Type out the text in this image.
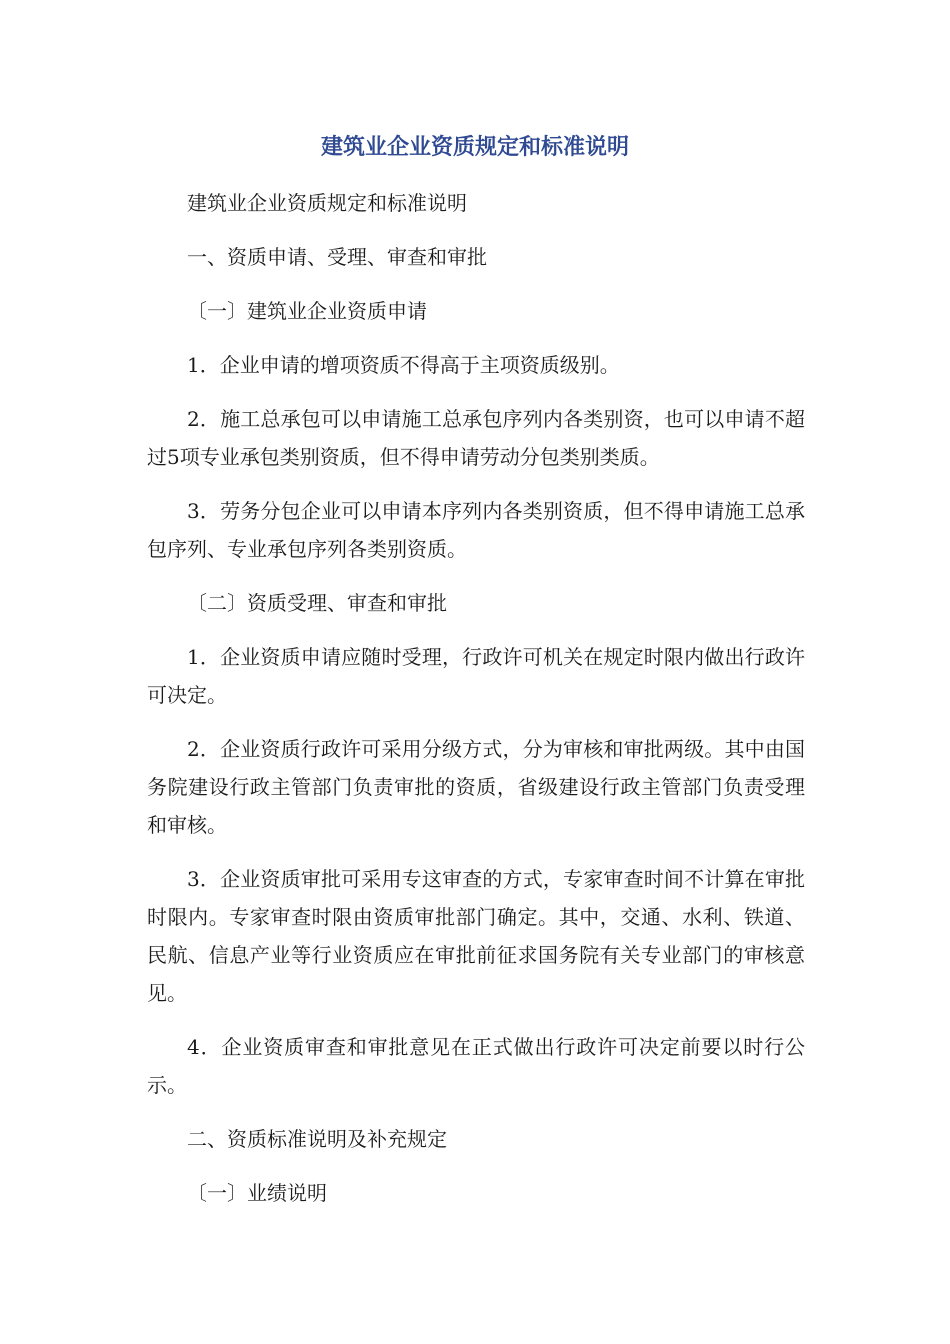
建筑业企业资质规定和标准说明

建筑业企业资质规定和标准说明

一、资质申请、受理、审查和审批

〔一〕建筑业企业资质申请

1．企业申请的增项资质不得高于主项资质级别。

2．施工总承包可以申请施工总承包序列内各类别资，也可以申请不超过5项专业承包类别资质，但不得申请劳动分包类别类质。

3．劳务分包企业可以申请本序列内各类别资质，但不得申请施工总承包序列、专业承包序列各类别资质。

〔二〕资质受理、审查和审批

1．企业资质申请应随时受理，行政许可机关在规定时限内做出行政许可决定。

2．企业资质行政许可采用分级方式，分为审核和审批两级。其中由国务院建设行政主管部门负责审批的资质，省级建设行政主管部门负责受理和审核。

3．企业资质审批可采用专这审查的方式，专家审查时间不计算在审批时限内。专家审查时限由资质审批部门确定。其中，交通、水利、铁道、民航、信息产业等行业资质应在审批前征求国务院有关专业部门的审核意见。

4．企业资质审查和审批意见在正式做出行政许可决定前要以时行公示。

二、资质标准说明及补充规定

〔一〕业绩说明
